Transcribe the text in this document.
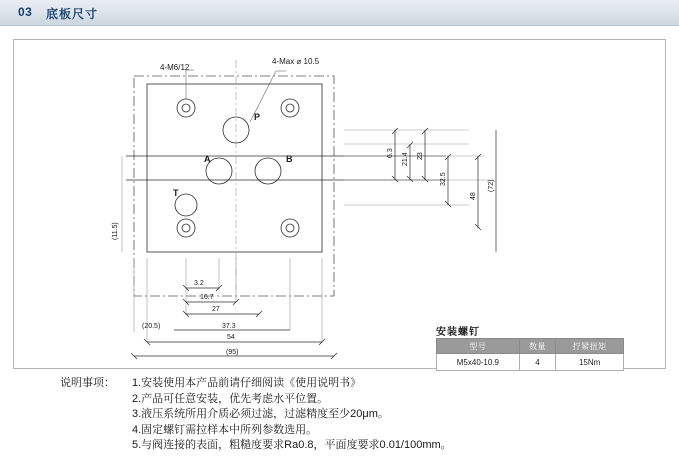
03 底板尺寸
4-M6/12
4-Max ⌀ 10.5
P
A	B
T
6.3 21.4 23
32.5
48
(72)
(11.5)
3.2
16.7
27
(20.5)	37.3
54
(95)
安装螺钉
型号	数量	拧紧扭矩
M5x40-10.9	4	15Nm
说明事项：	1.安装使用本产品前请仔细阅读《使用说明书》
2.产品可任意安装，优先考虑水平位置。
3.液压系统所用介质必须过滤，过滤精度至少20μm。
4.固定螺钉需拉样本中所列参数选用。
5.与阀连接的表面，粗糙度要求Ra0.8，平面度要求0.01/100mm。
